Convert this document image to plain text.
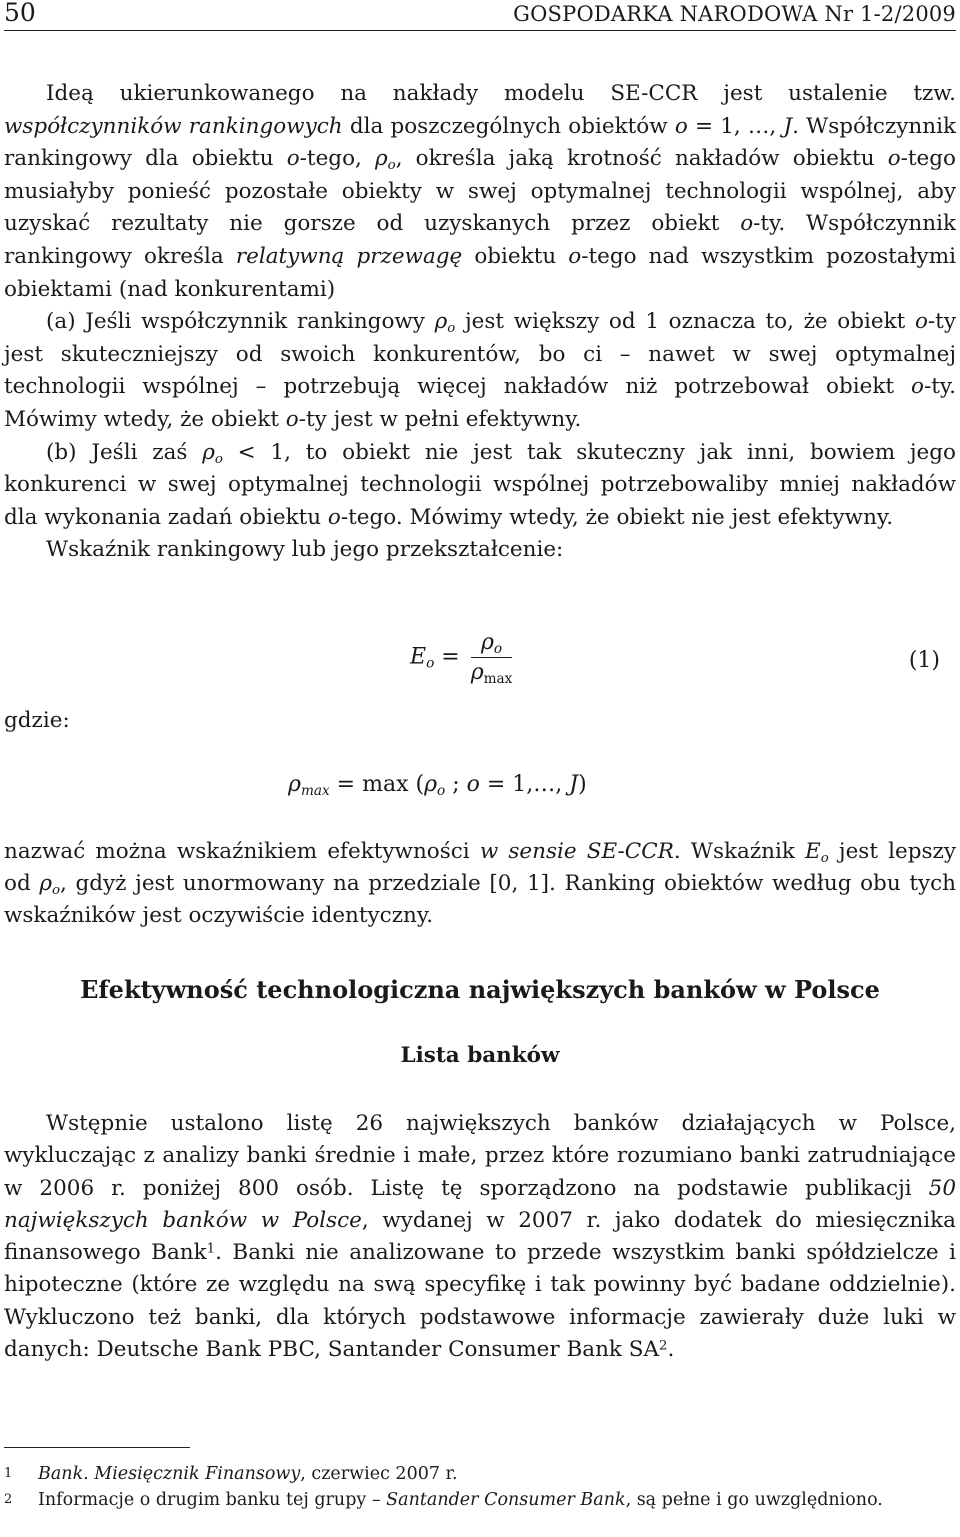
50	GOSPODARKA NARODOWA Nr 1-2/2009

Ideą ukierunkowanego na nakłady modelu SE-CCR jest ustalenie tzw. współczynników rankingowych dla poszczególnych obiektów o = 1, …, J. Współczynnik rankingowy dla obiektu o-tego, $\rho_o$, określa jaką krotność nakładów obiektu o-tego musiałyby ponieść pozostałe obiekty w swej optymalnej technologii wspólnej, aby uzyskać rezultaty nie gorsze od uzyskanych przez obiekt o-ty. Współczynnik rankingowy określa relatywną przewagę obiektu o-tego nad wszystkim pozostałymi obiektami (nad konkurentami)

(a) Jeśli współczynnik rankingowy $\rho_o$ jest większy od 1 oznacza to, że obiekt o-ty jest skuteczniejszy od swoich konkurentów, bo ci – nawet w swej optymalnej technologii wspólnej – potrzebują więcej nakładów niż potrzebował obiekt o-ty. Mówimy wtedy, że obiekt o-ty jest w pełni efektywny.

(b) Jeśli zaś $\rho_o < 1$, to obiekt nie jest tak skuteczny jak inni, bowiem jego konkurenci w swej optymalnej technologii wspólnej potrzebowaliby mniej nakładów dla wykonania zadań obiektu o-tego. Mówimy wtedy, że obiekt nie jest efektywny.

Wskaźnik rankingowy lub jego przekształcenie:

$E_o = \frac{\rho_o}{\rho_{max}}$	(1)
gdzie:
$\rho_{max} = \max (\rho_o$ ; o = 1,…, J)

nazwać można wskaźnikiem efektywności w sensie SE-CCR. Wskaźnik $E_o$ jest lepszy od $\rho_o$, gdyż jest unormowany na przedziale [0, 1]. Ranking obiektów według obu tych wskaźników jest oczywiście identyczny.

Efektywność technologiczna największych banków w Polsce
Lista banków

Wstępnie ustalono listę 26 największych banków działających w Polsce, wykluczając z analizy banki średnie i małe, przez które rozumiano banki zatrudniające w 2006 r. poniżej 800 osób. Listę tę sporządzono na podstawie publikacji 50 największych banków w Polsce, wydanej w 2007 r. jako dodatek do miesięcznika finansowego Bank$^1$. Banki nie analizowane to przede wszystkim banki spółdzielcze i hipoteczne (które ze względu na swą specyfikę i tak powinny być badane oddzielnie). Wykluczono też banki, dla których podstawowe informacje zawierały duże luki w danych: Deutsche Bank PBC, Santander Consumer Bank $SA^2$.

1 Bank. Miesięcznik Finansowy, czerwiec 2007 r.
2 Informacje o drugim banku tej grupy – Santander Consumer Bank, są pełne i go uwzględniono.
